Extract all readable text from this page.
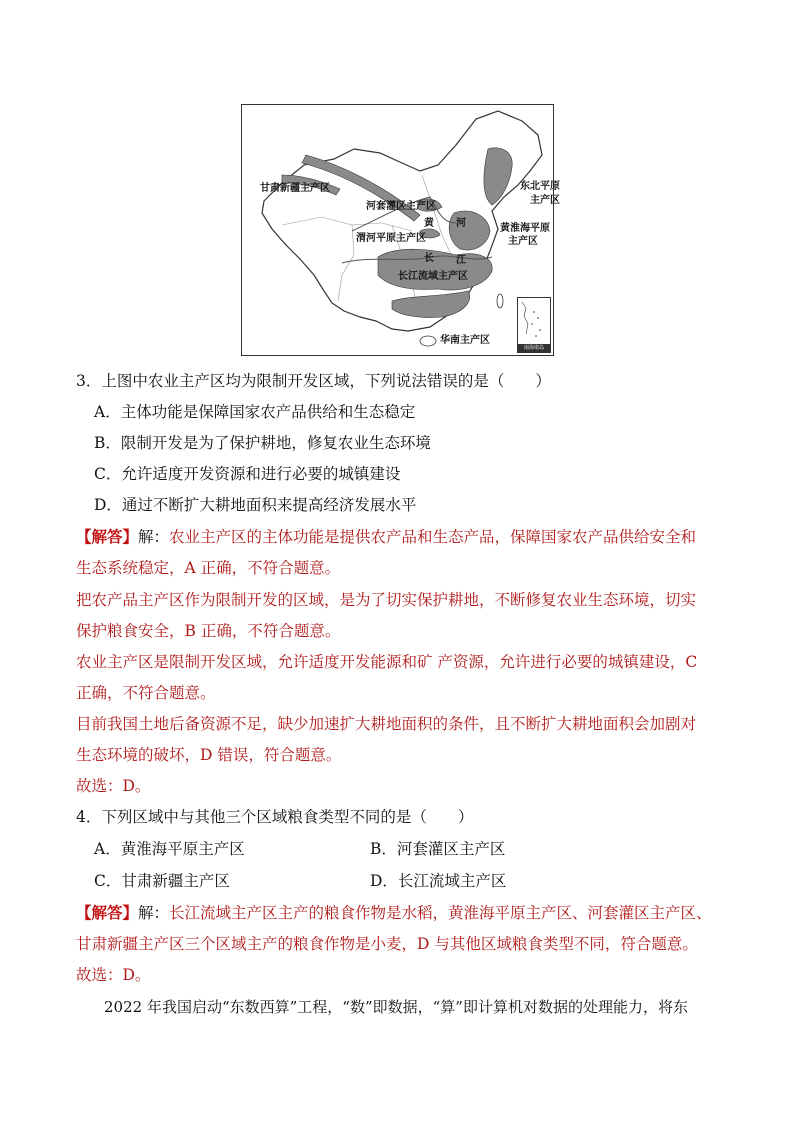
甘肃新疆主产区
河套灌区主产区
渭河平原主产区
东北平原
主产区
黄淮海平原
主产区
黄 河
长 江
长江流域主产区
华南主产区
南海诸岛
3．上图中农业主产区均为限制开发区域，下列说法错误的是（　　）
A．主体功能是保障国家农产品供给和生态稳定
B．限制开发是为了保护耕地，修复农业生态环境
C．允许适度开发资源和进行必要的城镇建设
D．通过不断扩大耕地面积来提高经济发展水平
【解答】解：农业主产区的主体功能是提供农产品和生态产品，保障国家农产品供给安全和
生态系统稳定，A 正确，不符合题意。
把农产品主产区作为限制开发的区域，是为了切实保护耕地，不断修复农业生态环境，切实
保护粮食安全，B 正确，不符合题意。
农业主产区是限制开发区域，允许适度开发能源和矿 产资源，允许进行必要的城镇建设，C
正确，不符合题意。
目前我国土地后备资源不足，缺少加速扩大耕地面积的条件，且不断扩大耕地面积会加剧对
生态环境的破坏，D 错误，符合题意。
故选：D。
4．下列区域中与其他三个区域粮食类型不同的是（　　）
A．黄淮海平原主产区	B．河套灌区主产区
C．甘肃新疆主产区	D．长江流域主产区
【解答】解：长江流域主产区主产的粮食作物是水稻，黄淮海平原主产区、河套灌区主产区、
甘肃新疆主产区三个区域主产的粮食作物是小麦，D 与其他区域粮食类型不同，符合题意。
故选：D。
2022 年我国启动“东数西算”工程，“数”即数据，“算”即计算机对数据的处理能力，将东
